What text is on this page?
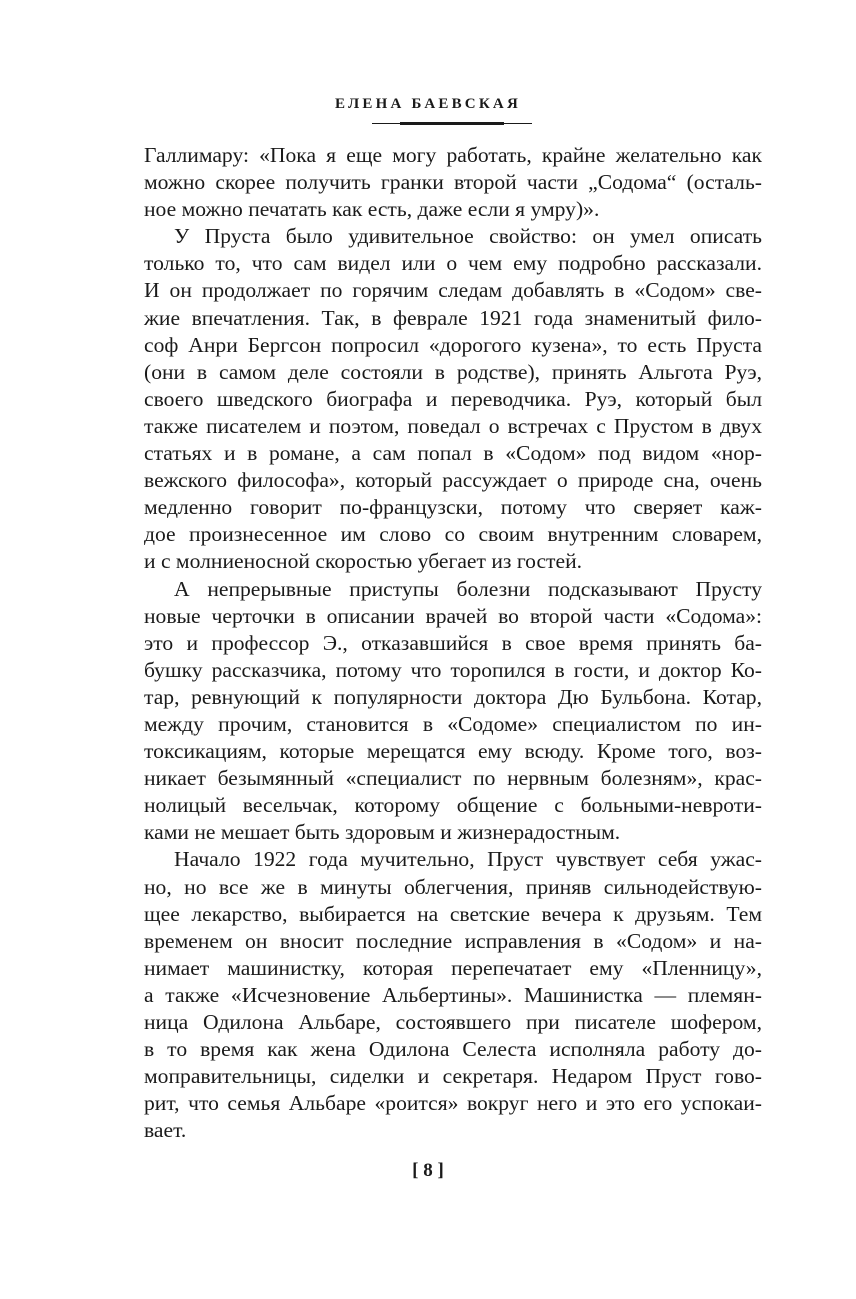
ЕЛЕНА БАЕВСКАЯ
Галлимару: «Пока я еще могу работать, крайне желательно как
можно скорее получить гранки второй части „Содома“ (осталь-
ное можно печатать как есть, даже если я умру)».
У Пруста было удивительное свойство: он умел описать
только то, что сам видел или о чем ему подробно рассказали.
И он продолжает по горячим следам добавлять в «Содом» све-
жие впечатления. Так, в феврале 1921 года знаменитый фило-
соф Анри Бергсон попросил «дорогого кузена», то есть Пруста
(они в самом деле состояли в родстве), принять Альгота Руэ,
своего шведского биографа и переводчика. Руэ, который был
также писателем и поэтом, поведал о встречах с Прустом в двух
статьях и в романе, а сам попал в «Содом» под видом «нор-
вежского философа», который рассуждает о природе сна, очень
медленно говорит по-французски, потому что сверяет каж-
дое произнесенное им слово со своим внутренним словарем,
и с молниеносной скоростью убегает из гостей.
А непрерывные приступы болезни подсказывают Прусту
новые черточки в описании врачей во второй части «Содома»:
это и профессор Э., отказавшийся в свое время принять ба-
бушку рассказчика, потому что торопился в гости, и доктор Ко-
тар, ревнующий к популярности доктора Дю Бульбона. Котар,
между прочим, становится в «Содоме» специалистом по ин-
токсикациям, которые мерещатся ему всюду. Кроме того, воз-
никает безымянный «специалист по нервным болезням», крас-
нолицый весельчак, которому общение с больными-невроти-
ками не мешает быть здоровым и жизнерадостным.
Начало 1922 года мучительно, Пруст чувствует себя ужас-
но, но все же в минуты облегчения, приняв сильнодействую-
щее лекарство, выбирается на светские вечера к друзьям. Тем
временем он вносит последние исправления в «Содом» и на-
нимает машинистку, которая перепечатает ему «Пленницу»,
а также «Исчезновение Альбертины». Машинистка — племян-
ница Одилона Альбаре, состоявшего при писателе шофером,
в то время как жена Одилона Селеста исполняла работу до-
моправительницы, сиделки и секретаря. Недаром Пруст гово-
рит, что семья Альбаре «роится» вокруг него и это его успокаи-
вает.
[ 8 ]
